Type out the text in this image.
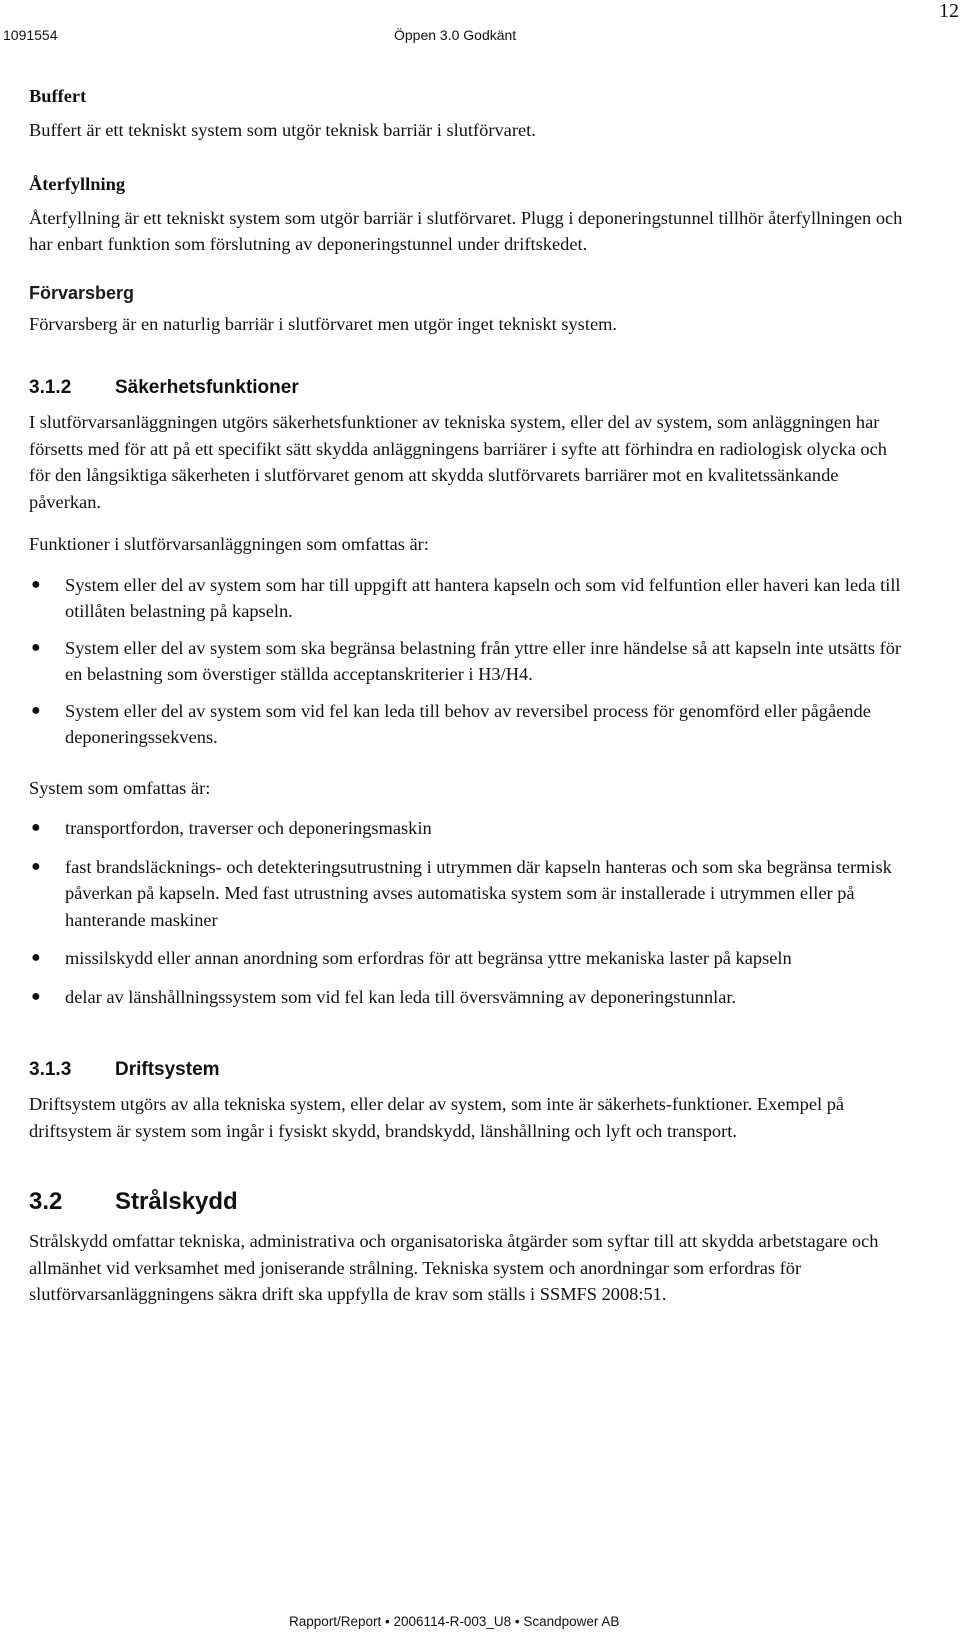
1091554	Öppen 3.0 Godkänt
12
Buffert

Buffert är ett tekniskt system som utgör teknisk barriär i slutförvaret.

Återfyllning

Återfyllning är ett tekniskt system som utgör barriär i slutförvaret. Plugg i deponeringstunnel tillhör återfyllningen och har enbart funktion som förslutning av deponeringstunnel under driftskedet.

Förvarsberg

Förvarsberg är en naturlig barriär i slutförvaret men utgör inget tekniskt system.

3.1.2	Säkerhetsfunktioner

I slutförvarsanläggningen utgörs säkerhetsfunktioner av tekniska system, eller del av system, som anläggningen har försetts med för att på ett specifikt sätt skydda anläggningens barriärer i syfte att förhindra en radiologisk olycka och för den långsiktiga säkerheten i slutförvaret genom att skydda slutförvarets barriärer mot en kvalitetssänkande påverkan.

Funktioner i slutförvarsanläggningen som omfattas är:

● System eller del av system som har till uppgift att hantera kapseln och som vid felfuntion eller haveri kan leda till otillåten belastning på kapseln.
● System eller del av system som ska begränsa belastning från yttre eller inre händelse så att kapseln inte utsätts för en belastning som överstiger ställda acceptanskriterier i H3/H4.
● System eller del av system som vid fel kan leda till behov av reversibel process för genomförd eller pågående deponeringssekvens.

System som omfattas är:

● transportfordon, traverser och deponeringsmaskin
● fast brandsläcknings- och detekteringsutrustning i utrymmen där kapseln hanteras och som ska begränsa termisk påverkan på kapseln. Med fast utrustning avses automatiska system som är installerade i utrymmen eller på hanterande maskiner
● missilskydd eller annan anordning som erfordras för att begränsa yttre mekaniska laster på kapseln
● delar av länshållningssystem som vid fel kan leda till översvämning av deponeringstunnlar.
3.1.3	Driftsystem

Driftsystem utgörs av alla tekniska system, eller delar av system, som inte är säkerhets-funktioner. Exempel på driftsystem är system som ingår i fysiskt skydd, brandskydd, länshållning och lyft och transport.

3.2	Strålskydd

Strålskydd omfattar tekniska, administrativa och organisatoriska åtgärder som syftar till att skydda arbetstagare och allmänhet vid verksamhet med joniserande strålning. Tekniska system och anordningar som erfordras för slutförvarsanläggningens säkra drift ska uppfylla de krav som ställs i SSMFS 2008:51.

Rapport/Report • 2006114-R-003_U8 • Scandpower AB
